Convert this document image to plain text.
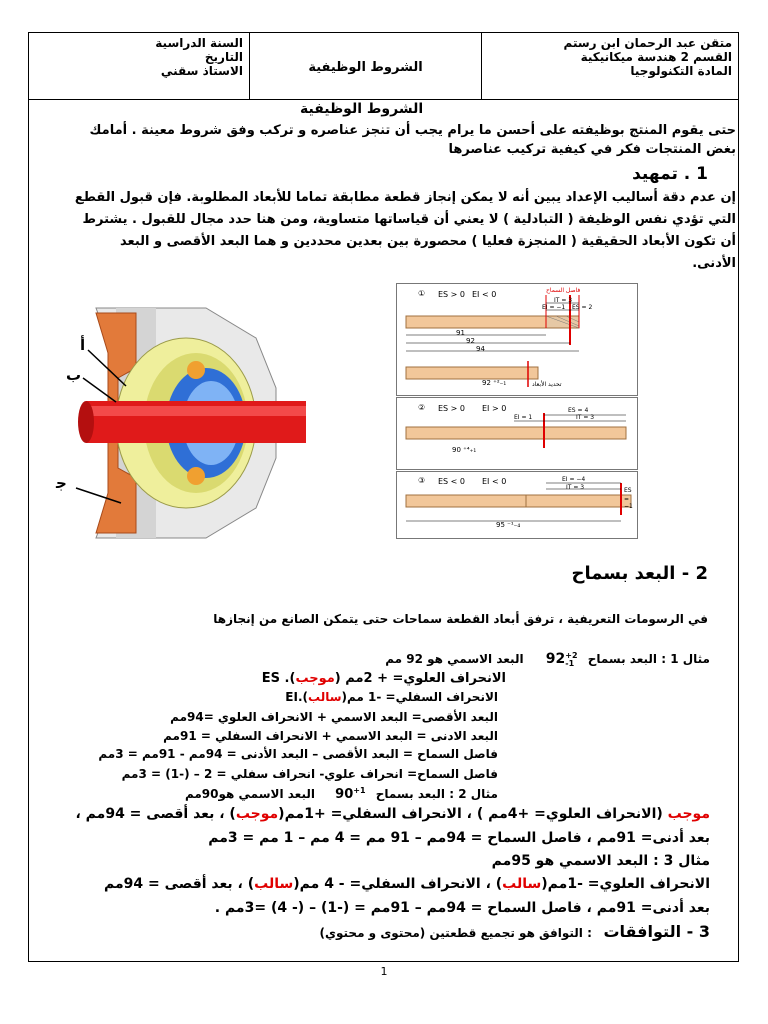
متقن عبد الرحمان ابن رستم
القسم 2 هندسة ميكانيكية
المادة التكنولوجيا
الشروط الوظيفية
السنة الدراسية
التاريخ
الاستاذ سقني
الشروط الوظيفية
حتى يقوم المنتج بوظيفته على أحسن ما يرام يجب أن تنجز عناصره و تركب وفق شروط معينة . أمامك
بغض المنتجات فكر في كيفية تركيب عناصرها
1 . تمهيد
إن عدم دقة أساليب الإعداد يبين أنه لا يمكن إنجاز قطعة مطابقة تماما للأبعاد المطلوبة. فإن قبول القطع
التي تؤدي نفس الوظيفة ( التبادلية ) لا يعني أن قياساتها متساوية، ومن هنا حدد مجال للقبول . يشترط
أن تكون الأبعاد الحقيقية ( المنجزة فعليا ) محصورة بين بعدين محددين و هما البعد الأقصى و البعد
الأدنى.
أ
ب
ﺟ
① ES > 0 EI < 0	فاصل السماح
IT = 3
EI = −1 ES = 2
91
92
94
92 ⁺²₋₁	تحديد الأبعاد
② ES > 0 EI > 0	ES = 4
EI = 1	IT = 3
90 ⁺⁴₊₁
③ ES < 0 EI < 0	EI = −4
IT = 3	ES
= −1
95 ⁻¹₋₄
2 - البعد بسماح
في الرسومات التعريفية ، ترفق أبعاد القطعة سماحات حتى يتمكن الصانع من إنجازها
مثال 1 : البعد بسماح 92 +2
-1
البعد الاسمي هو 92 مم
الانحراف العلوي= + 2مم (موجب). ES
الانحراف السفلي= -1 مم(سالب).EI
البعد الأقصى= البعد الاسمي + الانحراف العلوي =94مم
البعد الادنى = البعد الاسمي + الانحراف السفلي = 91مم
فاصل السماح = البعد الأقصى – البعد الأدنى = 94مم - 91مم = 3مم
فاصل السماح= انحراف علوي- انحراف سفلي = 2 – (-1) = 3مم
مثال 2 : البعد بسماح $90^{+1}$ البعد الاسمي هو90مم
موجب (الانحراف العلوي= +4مم ) ، الانحراف السفلي= +1مم(موجب) ، بعد أقصى = 94مم ،
بعد أدنى= 91مم ، فاصل السماح = 94مم – 91 مم = 4 مم – 1 مم = 3مم
مثال 3 : البعد الاسمي هو 95مم
الانحراف العلوي= -1مم(سالب) ، الانحراف السفلي= - 4 مم(سالب) ، بعد أقصى = 94مم
بعد أدنى= 91مم ، فاصل السماح = 94مم – 91مم = (-1) – (- 4) =3مم .
3 - التوافقات : التوافق هو تجميع قطعتين (محتوى و محتوي)
1
